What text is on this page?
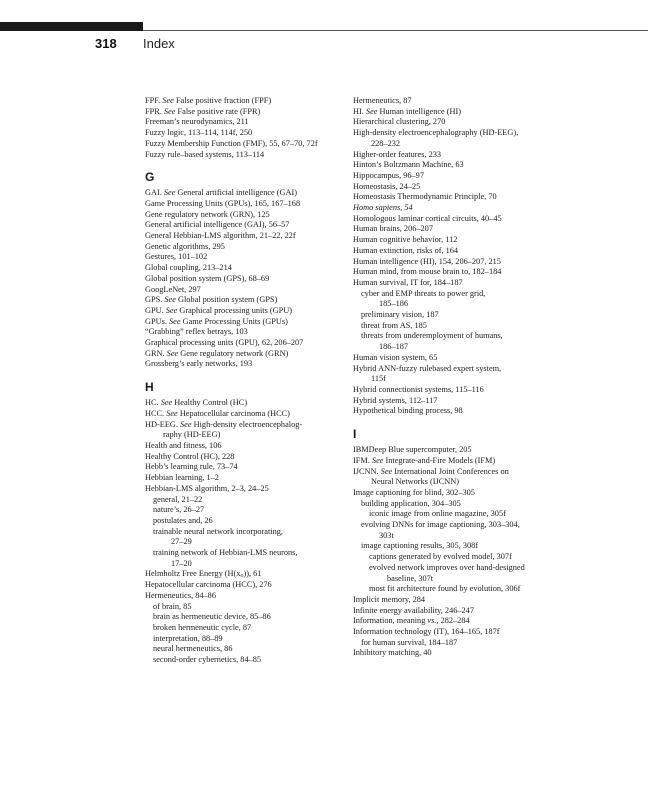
318 Index
FPF. See False positive fraction (FPF)
FPR. See False positive rate (FPR)
Freeman’s neurodynamics, 211
Fuzzy logic, 113–114, 114f, 250
Fuzzy Membership Function (FMF), 55, 67–70, 72f
Fuzzy rule–based systems, 113–114
G
GAI. See General artificial intelligence (GAI)
Game Processing Units (GPUs), 165, 167–168
Gene regulatory network (GRN), 125
General artificial intelligence (GAI), 56–57
General Hebbian-LMS algorithm, 21–22, 22f
Genetic algorithms, 295
Gestures, 101–102
Global coupling, 213–214
Global position system (GPS), 68–69
GoogLeNet, 297
GPS. See Global position system (GPS)
GPU. See Graphical processing units (GPU)
GPUs. See Game Processing Units (GPUs)
“Grabbing” reflex betrays, 103
Graphical processing units (GPU), 62, 206–207
GRN. See Gene regulatory network (GRN)
Grossberg’s early networks, 193
H
HC. See Healthy Control (HC)
HCC. See Hepatocellular carcinoma (HCC)
HD-EEG. See High-density electroencephalog-
raphy (HD-EEG)
Health and fitness, 106
Healthy Control (HC), 228
Hebb’s learning rule, 73–74
Hebbian learning, 1–2
Hebbian-LMS algorithm, 2–3, 24–25
general, 21–22
nature’s, 26–27
postulates and, 26
trainable neural network incorporating,
27–29
training network of Hebbian-LMS neurons,
17–20
Helmholtz Free Energy $(H(x_o))$, 61
Hepatocellular carcinoma (HCC), 276
Hermeneutics, 84–86
of brain, 85
brain as hermeneutic device, 85–86
broken hermeneutic cycle, 87
interpretation, 88–89
neural hermeneutics, 86
second-order cybernetics, 84–85
Hermeneutics, 87
HI. See Human intelligence (HI)
Hierarchical clustering, 270
High-density electroencephalography (HD-EEG),
228–232
Higher-order features, 233
Hinton’s Boltzmann Machine, 63
Hippocampus, 96–97
Homeostasis, 24–25
Homeostasis Thermodynamic Principle, 70
Homo sapiens, 54
Homologous laminar cortical circuits, 40–45
Human brains, 206–207
Human cognitive behavior, 112
Human extinction, risks of, 164
Human intelligence (HI), 154, 206–207, 215
Human mind, from mouse brain to, 182–184
Human survival, IT for, 184–187
cyber and EMP threats to power grid,
185–186
preliminary vision, 187
threat from AS, 185
threats from underemployment of humans,
186–187
Human vision system, 65
Hybrid ANN-fuzzy rulebased expert system,
115f
Hybrid connectionist systems, 115–116
Hybrid systems, 112–117
Hypothetical binding process, 98
I
IBMDeep Blue supercomputer, 205
IFM. See Integrate-and-Fire Models (IFM)
IJCNN. See International Joint Conferences on
Neural Networks (IJCNN)
Image captioning for blind, 302–305
building application, 304–305
iconic image from online magazine, 305f
evolving DNNs for image captioning, 303–304,
303t
image captioning results, 305, 308f
captions generated by evolved model, 307f
evolved network improves over hand-designed
baseline, 307t
most fit architecture found by evolution, 306f
Implicit memory, 284
Infinite energy availability, 246–247
Information, meaning vs., 282–284
Information technology (IT), 164–165, 187f
for human survival, 184–187
Inhibitory matching, 40
